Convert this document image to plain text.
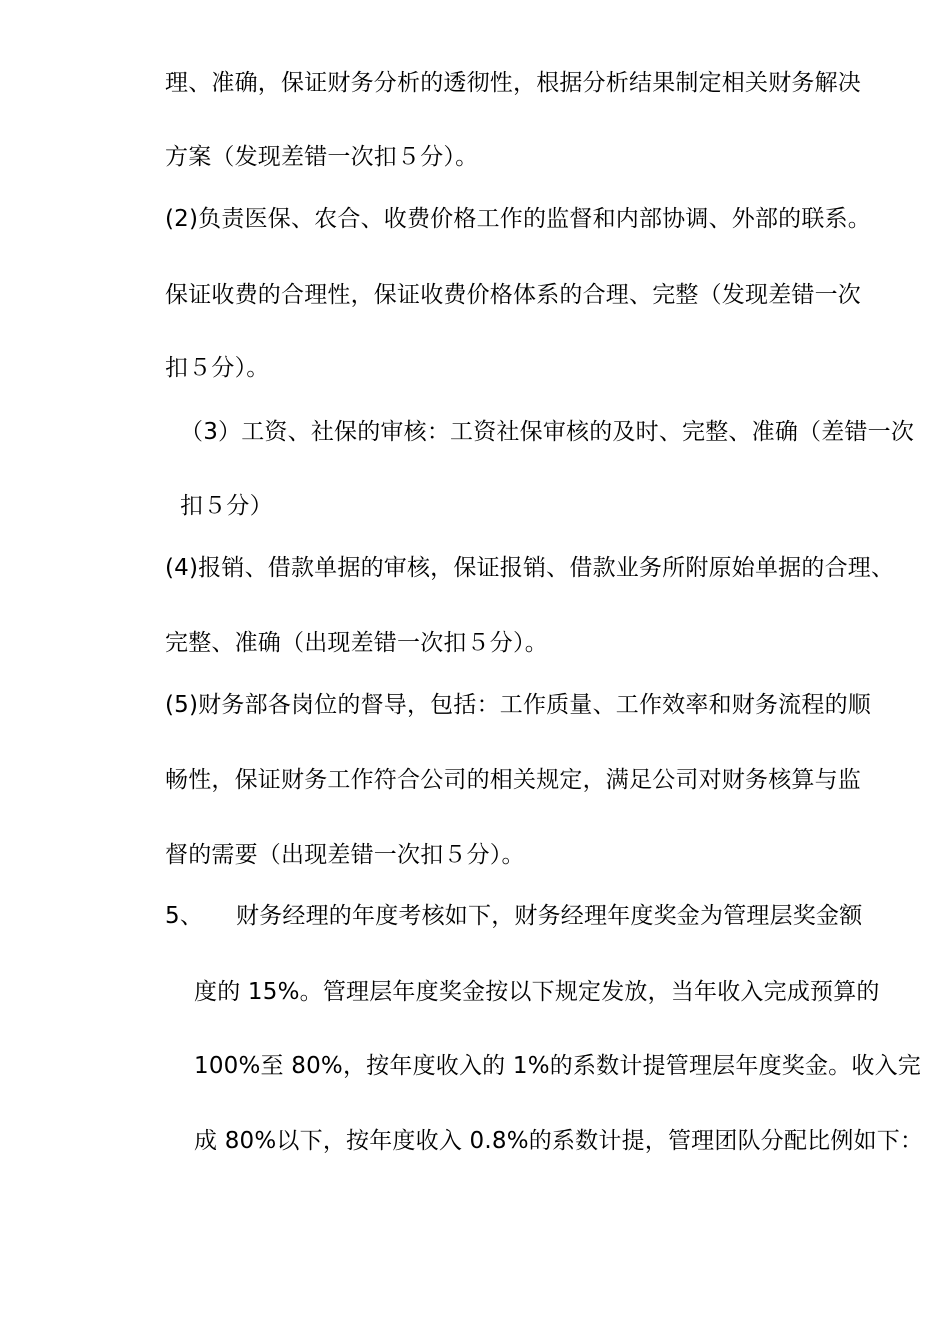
理、准确，保证财务分析的透彻性，根据分析结果制定相关财务解决
方案（发现差错一次扣５分）。
(2)负责医保、农合、收费价格工作的监督和内部协调、外部的联系。
保证收费的合理性，保证收费价格体系的合理、完整（发现差错一次
扣５分）。
（3）工资、社保的审核：工资社保审核的及时、完整、准确（差错一次
扣５分）
(4)报销、借款单据的审核，保证报销、借款业务所附原始单据的合理、
完整、准确（出现差错一次扣５分）。
(5)财务部各岗位的督导，包括：工作质量、工作效率和财务流程的顺
畅性，保证财务工作符合公司的相关规定，满足公司对财务核算与监
督的需要（出现差错一次扣５分）。
5、 财务经理的年度考核如下，财务经理年度奖金为管理层奖金额
度的 15%。管理层年度奖金按以下规定发放，当年收入完成预算的
100%至 80%，按年度收入的 1%的系数计提管理层年度奖金。收入完
成 80%以下，按年度收入 0.8%的系数计提，管理团队分配比例如下：
